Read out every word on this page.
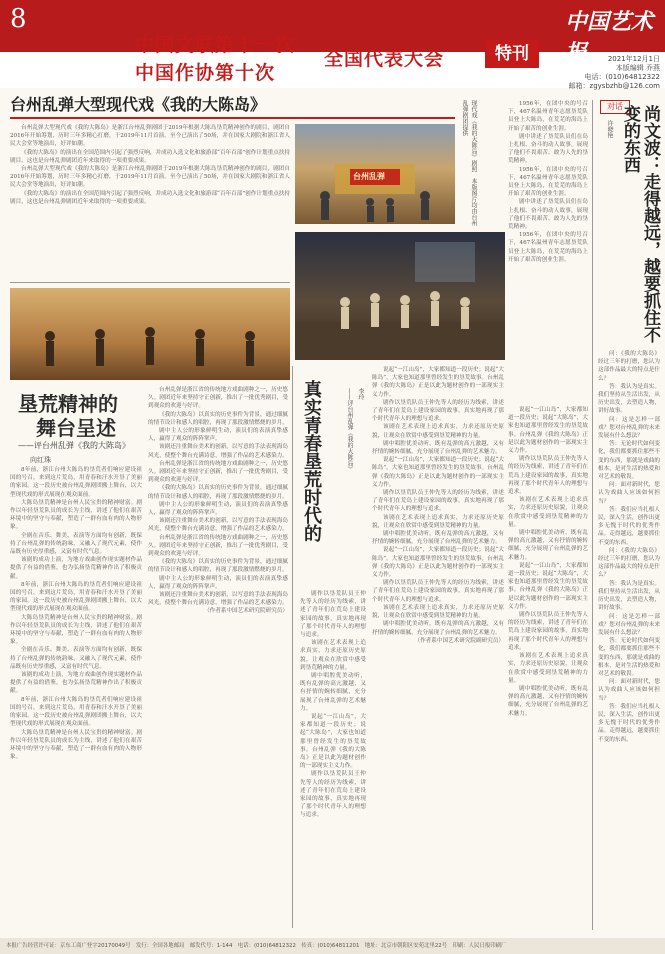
8	中国艺术报
中国文联第十一次
中国作协第十次
全国代表大会	特刊	2021年12月1日
本版编辑 乔燕
电话：(010)64812322
邮箱：zgysbzhb@126.com
台州乱弹大型现代戏《我的大陈岛》

台州乱弹大型现代戏《我的大陈岛》是浙江台州乱弹剧团于2019年根据大陈岛垦荒精神创作的剧目，剧团自2016年开始筹划，历时三年多精心打磨，于2019年11月首演。至今已演出了50场，并在国家大剧院和浙江省人民大会堂等地演出，好评如潮。

《我的大陈岛》的演出在全国范围内引起了强烈反响，并成功入选文化和旅游部“百年百部”创作计划重点扶持剧目，这也是台州乱弹剧团近年来取得的一项重要成果。

台州乱弹大型现代戏《我的大陈岛》是浙江台州乱弹剧团于2019年根据大陈岛垦荒精神创作的剧目，剧团自2016年开始筹划，历时三年多精心打磨，于2019年11月首演。至今已演出了50场，并在国家大剧院和浙江省人民大会堂等地演出，好评如潮。

《我的大陈岛》的演出在全国范围内引起了强烈反响，并成功入选文化和旅游部“百年百部”创作计划重点扶持剧目，这也是台州乱弹剧团近年来取得的一项重要成果。

台州乱弹	现代戏《我的大陈岛》剧照　本版图片均由台州乱弹剧团提供	1956年，在团中央的号召下，467名温州青年志愿垦荒队员登上大陈岛，在荒芜的海岛上开始了艰苦的创业生涯。

剧中讲述了垦荒队员们在岛上扎根、奋斗的动人故事，展现了他们不畏艰苦、敢为人先的垦荒精神。

1956年，在团中央的号召下，467名温州青年志愿垦荒队员登上大陈岛，在荒芜的海岛上开始了艰苦的创业生涯。

剧中讲述了垦荒队员们在岛上扎根、奋斗的动人故事，展现了他们不畏艰苦、敢为人先的垦荒精神。

1956年，在团中央的号召下，467名温州青年志愿垦荒队员登上大陈岛，在荒芜的海岛上开始了艰苦的创业生涯。

对话
许晓艳	尚文波：走得越远，越要抓住不变的东西

问：《我的大陈岛》经过三年的打磨，您认为这部作品最大的特点是什么？

答：我认为是真实。我们坚持从生活出发，从历史出发，去塑造人物，讲好故事。

问：这是怎样一部戏？您对台州乱弹的未来发展有什么想法？

答：无论时代如何变化，我们都要抓住那些不变的东西，那就是戏曲的根本，是对生活的热爱和对艺术的敬畏。

问：面对新时代，您认为戏曲人应该如何担当？

答：我们应当扎根人民，深入生活，创作出更多无愧于时代的优秀作品。走得越远，越要抓住不变的东西。

问：《我的大陈岛》经过三年的打磨，您认为这部作品最大的特点是什么？

答：我认为是真实。我们坚持从生活出发，从历史出发，去塑造人物，讲好故事。

问：这是怎样一部戏？您对台州乱弹的未来发展有什么想法？

答：无论时代如何变化，我们都要抓住那些不变的东西，那就是戏曲的根本，是对生活的热爱和对艺术的敬畏。

问：面对新时代，您认为戏曲人应该如何担当？

答：我们应当扎根人民，深入生活，创作出更多无愧于时代的优秀作品。走得越远，越要抓住不变的东西。

说起“一江山岛”，大家都知道一段历史；说起“大陈岛”，大家也知道那里曾经发生的垦荒故事。台州乱弹《我的大陈岛》正是以此为题材创作的一部现实主义力作。

剧作以垦荒队员王仲先等人的经历为线索，讲述了青年们在荒岛上建设家园的故事，真实地再现了那个时代青年人的理想与追求。

该剧在艺术表现上追求真实，力求还原历史原貌，让观众在欣赏中感受到垦荒精神的力量。

剧中唱腔优美动听，既有乱弹的高亢激越，又有抒情的婉转细腻，充分展现了台州乱弹的艺术魅力。

说起“一江山岛”，大家都知道一段历史；说起“大陈岛”，大家也知道那里曾经发生的垦荒故事。台州乱弹《我的大陈岛》正是以此为题材创作的一部现实主义力作。

剧作以垦荒队员王仲先等人的经历为线索，讲述了青年们在荒岛上建设家园的故事，真实地再现了那个时代青年人的理想与追求。

该剧在艺术表现上追求真实，力求还原历史原貌，让观众在欣赏中感受到垦荒精神的力量。

剧中唱腔优美动听，既有乱弹的高亢激越，又有抒情的婉转细腻，充分展现了台州乱弹的艺术魅力。

垦荒精神的
舞台呈述
——评台州乱弹《我的大陈岛》
向红珠

8年前，浙江台州大陈岛的垦荒者们响应建设祖国的号召，来到这片荒岛，用青春和汗水开垦了美丽的家园。这一段历史被台州乱弹剧团搬上舞台，以大型现代戏的形式展现在观众面前。

大陈岛垦荒精神是台州人民宝贵的精神财富。剧作以年轻垦荒队员的成长为主线，讲述了他们在艰苦环境中的坚守与奉献，塑造了一群有血有肉的人物形象。

全剧在音乐、舞美、表演等方面均有创新，既保持了台州乱弹的传统韵味，又融入了现代元素，使作品既有历史厚重感，又富有时代气息。

该剧的成功上演，为地方戏曲创作现实题材作品提供了有益的借鉴，也为弘扬垦荒精神作出了积极贡献。

8年前，浙江台州大陈岛的垦荒者们响应建设祖国的号召，来到这片荒岛，用青春和汗水开垦了美丽的家园。这一段历史被台州乱弹剧团搬上舞台，以大型现代戏的形式展现在观众面前。

大陈岛垦荒精神是台州人民宝贵的精神财富。剧作以年轻垦荒队员的成长为主线，讲述了他们在艰苦环境中的坚守与奉献，塑造了一群有血有肉的人物形象。

全剧在音乐、舞美、表演等方面均有创新，既保持了台州乱弹的传统韵味，又融入了现代元素，使作品既有历史厚重感，又富有时代气息。

该剧的成功上演，为地方戏曲创作现实题材作品提供了有益的借鉴，也为弘扬垦荒精神作出了积极贡献。

8年前，浙江台州大陈岛的垦荒者们响应建设祖国的号召，来到这片荒岛，用青春和汗水开垦了美丽的家园。这一段历史被台州乱弹剧团搬上舞台，以大型现代戏的形式展现在观众面前。

大陈岛垦荒精神是台州人民宝贵的精神财富。剧作以年轻垦荒队员的成长为主线，讲述了他们在艰苦环境中的坚守与奉献，塑造了一群有血有肉的人物形象。

台州乱弹是浙江省的传统地方戏曲剧种之一，历史悠久。剧团近年来坚持守正创新，推出了一批优秀剧目，受到观众的欢迎与好评。

《我的大陈岛》以真实的历史事件为背景，通过细腻的情节设计和感人的唱腔，再现了那段激情燃烧的岁月。

剧中主人公的形象鲜明生动，演员们的表演真挚感人，赢得了观众的阵阵掌声。

该剧还注重舞台美术的创新，以写意的手法表现海岛风光，使整个舞台充满诗意，增强了作品的艺术感染力。

台州乱弹是浙江省的传统地方戏曲剧种之一，历史悠久。剧团近年来坚持守正创新，推出了一批优秀剧目，受到观众的欢迎与好评。

《我的大陈岛》以真实的历史事件为背景，通过细腻的情节设计和感人的唱腔，再现了那段激情燃烧的岁月。

剧中主人公的形象鲜明生动，演员们的表演真挚感人，赢得了观众的阵阵掌声。

该剧还注重舞台美术的创新，以写意的手法表现海岛风光，使整个舞台充满诗意，增强了作品的艺术感染力。

台州乱弹是浙江省的传统地方戏曲剧种之一，历史悠久。剧团近年来坚持守正创新，推出了一批优秀剧目，受到观众的欢迎与好评。

《我的大陈岛》以真实的历史事件为背景，通过细腻的情节设计和感人的唱腔，再现了那段激情燃烧的岁月。

剧中主人公的形象鲜明生动，演员们的表演真挚感人，赢得了观众的阵阵掌声。

该剧还注重舞台美术的创新，以写意的手法表现海岛风光，使整个舞台充满诗意，增强了作品的艺术感染力。

（作者系中国艺术研究院研究员）

真实青春垦荒时代的
——评台州乱弹《我的大陈岛》 李玲

说起“一江山岛”，大家都知道一段历史；说起“大陈岛”，大家也知道那里曾经发生的垦荒故事。台州乱弹《我的大陈岛》正是以此为题材创作的一部现实主义力作。

剧作以垦荒队员王仲先等人的经历为线索，讲述了青年们在荒岛上建设家园的故事，真实地再现了那个时代青年人的理想与追求。

该剧在艺术表现上追求真实，力求还原历史原貌，让观众在欣赏中感受到垦荒精神的力量。

剧中唱腔优美动听，既有乱弹的高亢激越，又有抒情的婉转细腻，充分展现了台州乱弹的艺术魅力。

说起“一江山岛”，大家都知道一段历史；说起“大陈岛”，大家也知道那里曾经发生的垦荒故事。台州乱弹《我的大陈岛》正是以此为题材创作的一部现实主义力作。

剧作以垦荒队员王仲先等人的经历为线索，讲述了青年们在荒岛上建设家园的故事，真实地再现了那个时代青年人的理想与追求。

该剧在艺术表现上追求真实，力求还原历史原貌，让观众在欣赏中感受到垦荒精神的力量。

剧中唱腔优美动听，既有乱弹的高亢激越，又有抒情的婉转细腻，充分展现了台州乱弹的艺术魅力。

说起“一江山岛”，大家都知道一段历史；说起“大陈岛”，大家也知道那里曾经发生的垦荒故事。台州乱弹《我的大陈岛》正是以此为题材创作的一部现实主义力作。

剧作以垦荒队员王仲先等人的经历为线索，讲述了青年们在荒岛上建设家园的故事，真实地再现了那个时代青年人的理想与追求。

该剧在艺术表现上追求真实，力求还原历史原貌，让观众在欣赏中感受到垦荒精神的力量。

剧中唱腔优美动听，既有乱弹的高亢激越，又有抒情的婉转细腻，充分展现了台州乱弹的艺术魅力。

（作者系中国艺术研究院副研究员）

剧作以垦荒队员王仲先等人的经历为线索，讲述了青年们在荒岛上建设家园的故事，真实地再现了那个时代青年人的理想与追求。

该剧在艺术表现上追求真实，力求还原历史原貌，让观众在欣赏中感受到垦荒精神的力量。

剧中唱腔优美动听，既有乱弹的高亢激越，又有抒情的婉转细腻，充分展现了台州乱弹的艺术魅力。

说起“一江山岛”，大家都知道一段历史；说起“大陈岛”，大家也知道那里曾经发生的垦荒故事。台州乱弹《我的大陈岛》正是以此为题材创作的一部现实主义力作。

剧作以垦荒队员王仲先等人的经历为线索，讲述了青年们在荒岛上建设家园的故事，真实地再现了那个时代青年人的理想与追求。

本报广告经营许可证：京东工商广登字20170049号　发行：全国各地邮局　邮发代号：1-144　电话：(010)64812322　传真：(010)64811201　地址：北京市朝阳区安苑北里22号　印刷：人民日报印刷厂
